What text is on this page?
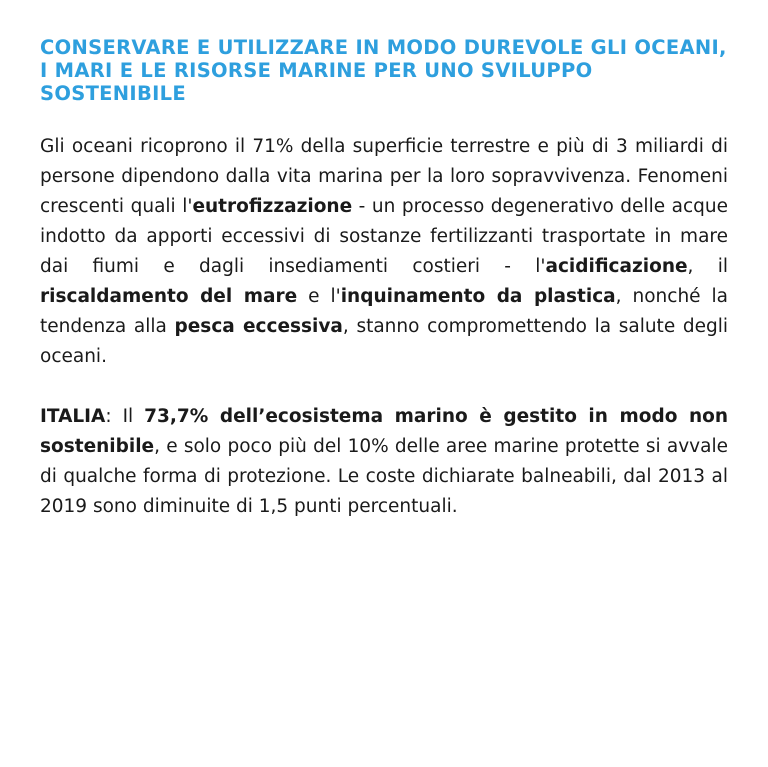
CONSERVARE E UTILIZZARE IN MODO DUREVOLE GLI OCEANI, I MARI E LE RISORSE MARINE PER UNO SVILUPPO SOSTENIBILE

Gli oceani ricoprono il 71% della superficie terrestre e più di 3 miliardi di persone dipendono dalla vita marina per la loro sopravvivenza. Fenomeni crescenti quali l'eutrofizzazione - un processo degenerativo delle acque indotto da apporti eccessivi di sostanze fertilizzanti trasportate in mare dai fiumi e dagli insediamenti costieri - l'acidificazione, il riscaldamento del mare e l'inquinamento da plastica, nonché la tendenza alla pesca eccessiva, stanno compromettendo la salute degli oceani.

ITALIA: Il 73,7% dell’ecosistema marino è gestito in modo non sostenibile, e solo poco più del 10% delle aree marine protette si avvale di qualche forma di protezione. Le coste dichiarate balneabili, dal 2013 al 2019 sono diminuite di 1,5 punti percentuali.
